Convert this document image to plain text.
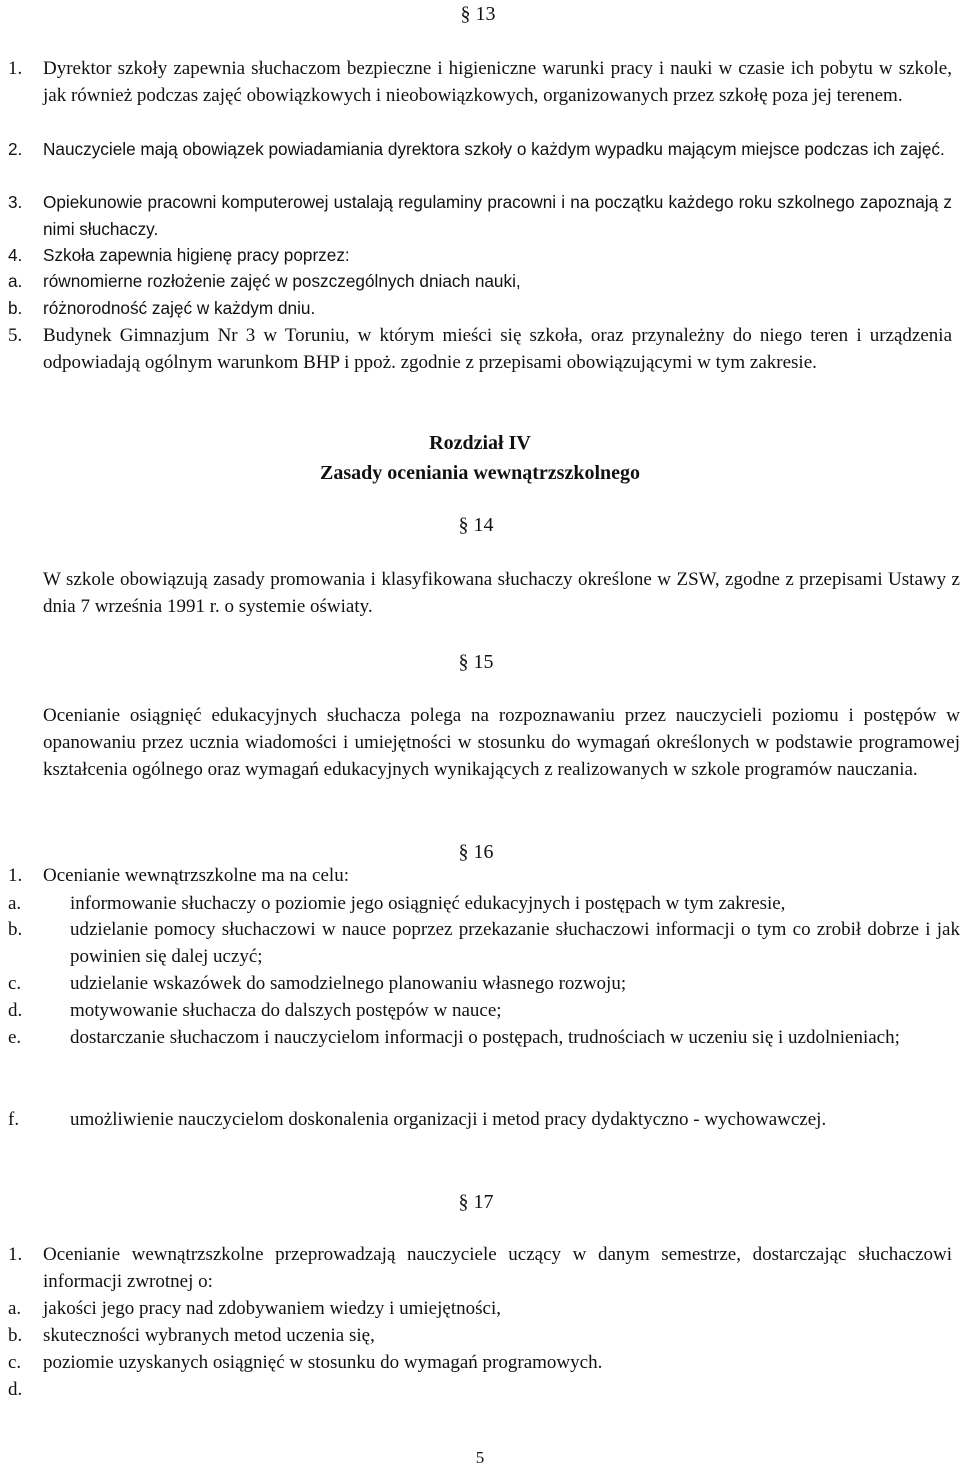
§ 13
1. Dyrektor szkoły zapewnia słuchaczom bezpieczne i higieniczne warunki pracy i nauki w czasie ich pobytu w szkole, jak również podczas zajęć obowiązkowych i nieobowiązkowych, organizowanych przez szkołę poza jej terenem.
2. Nauczyciele mają obowiązek powiadamiania dyrektora szkoły o każdym wypadku mającym miejsce podczas ich zajęć.
3. Opiekunowie pracowni komputerowej ustalają regulaminy pracowni i na początku każdego roku szkolnego zapoznają z nimi słuchaczy.
4. Szkoła zapewnia higienę pracy poprzez:
a. równomierne rozłożenie zajęć w poszczególnych dniach nauki,
b. różnorodność zajęć w każdym dniu.
5. Budynek Gimnazjum Nr 3 w Toruniu, w którym mieści się szkoła, oraz przynależny do niego teren i urządzenia odpowiadają ogólnym warunkom BHP i ppoż. zgodnie z przepisami obowiązującymi w tym zakresie.
Rozdział IV
Zasady oceniania wewnątrzszkolnego
§ 14
W szkole obowiązują zasady promowania i klasyfikowana słuchaczy określone w ZSW, zgodne z przepisami Ustawy z dnia 7 września 1991 r. o systemie oświaty.
§ 15
Ocenianie osiągnięć edukacyjnych słuchacza polega na rozpoznawaniu przez nauczycieli poziomu i postępów w opanowaniu przez ucznia wiadomości i umiejętności w stosunku do wymagań określonych w podstawie programowej kształcenia ogólnego oraz wymagań edukacyjnych wynikających z realizowanych w szkole programów nauczania.
§ 16
1. Ocenianie wewnątrzszkolne ma na celu:
a.	informowanie słuchaczy o poziomie jego osiągnięć edukacyjnych i postępach w tym zakresie,
b.	udzielanie pomocy słuchaczowi w nauce poprzez przekazanie słuchaczowi informacji o tym co zrobił dobrze i jak powinien się dalej uczyć;
c.	udzielanie wskazówek do samodzielnego planowaniu własnego rozwoju;
d.	motywowanie słuchacza do dalszych postępów w nauce;
e.	dostarczanie słuchaczom i nauczycielom informacji o postępach, trudnościach w uczeniu się i uzdolnieniach;
f.	umożliwienie nauczycielom doskonalenia organizacji i metod pracy dydaktyczno - wychowawczej.
§ 17
1. Ocenianie wewnątrzszkolne przeprowadzają nauczyciele uczący w danym semestrze, dostarczając słuchaczowi informacji zwrotnej o:
a. jakości jego pracy nad zdobywaniem wiedzy i umiejętności,
b. skuteczności wybranych metod uczenia się,
c. poziomie uzyskanych osiągnięć w stosunku do wymagań programowych.
d.
5
